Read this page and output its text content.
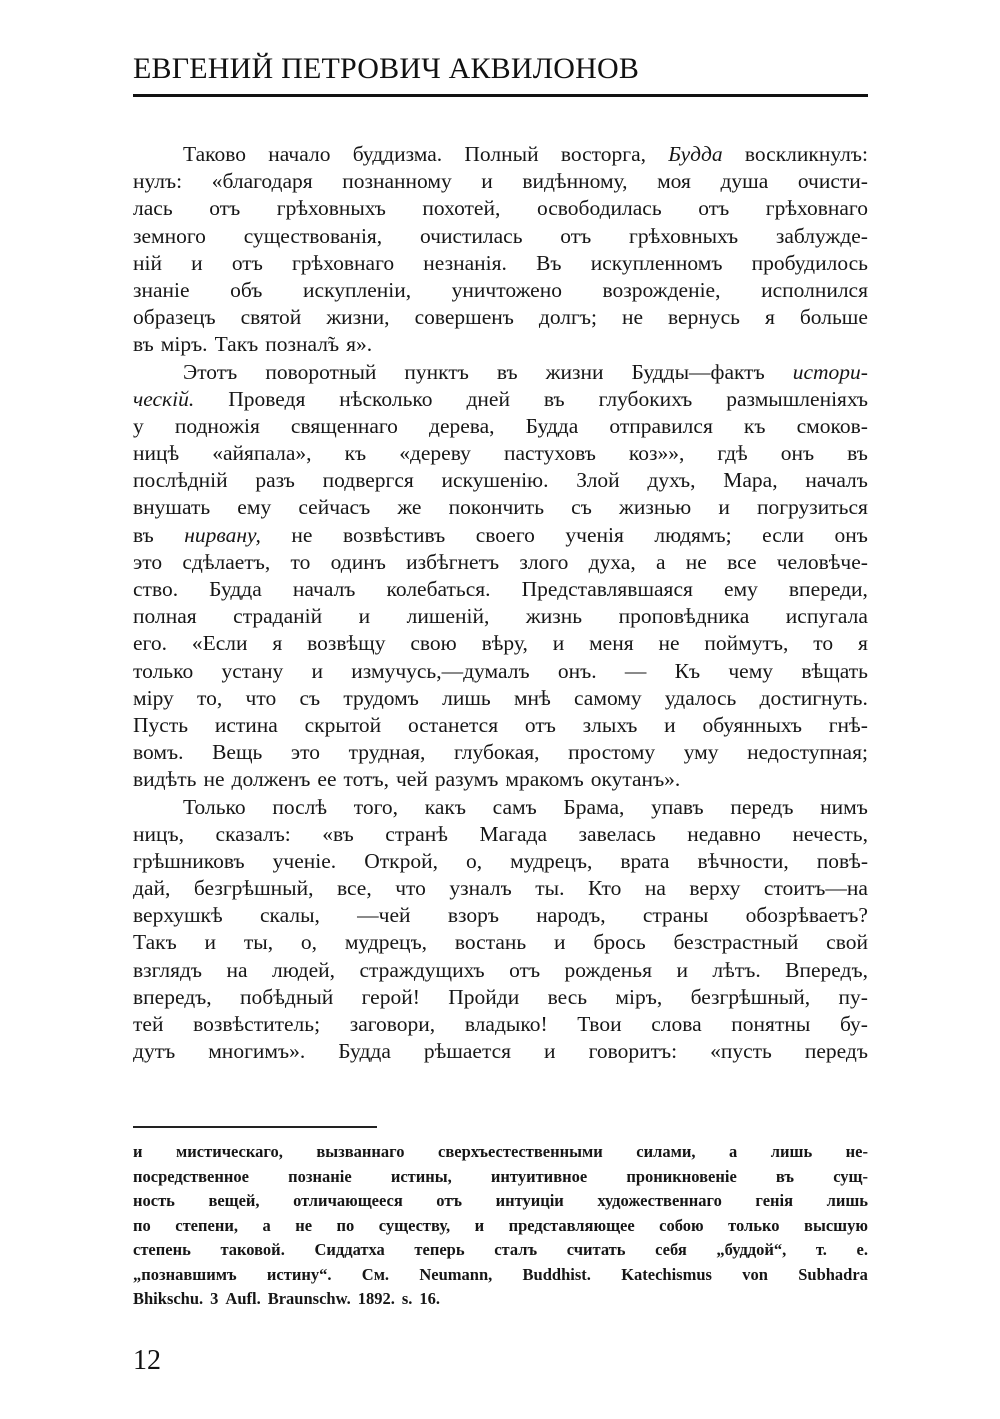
ЕВГЕНИЙ ПЕТРОВИЧ АКВИЛОНОВ
Таково начало буддизма. Полный восторга, Будда воскликнулъ:
нулъ: «благодаря познанному и видѣнному, моя душа очисти-
лась отъ грѣховныхъ похотей, освободилась отъ грѣховнаго
земного существованія, очистилась отъ грѣховныхъ заблужде-
ній и отъ грѣховнаго незнанія. Въ искупленномъ пробудилось
знаніе объ искупленіи, уничтожено возрожденіе, исполнился
образецъ святой жизни, совершенъ долгъ; не вернусь я больше
въ міръ. Такъ познал̃ъ я».
Этотъ поворотный пунктъ въ жизни Будды—фактъ истори-
ческій. Проведя нѣсколько дней въ глубокихъ размышленіяхъ
у подножія священнаго дерева, Будда отправился къ смоков-
ницѣ «айяпала», къ «дереву пастуховъ коз»», гдѣ онъ въ
послѣдній разъ подвергся искушенію. Злой духъ, Мара, началъ
внушать ему сейчасъ же покончить съ жизнью и погрузиться
въ нирвану, не возвѣстивъ своего ученія людямъ; если онъ
это сдѣлаетъ, то одинъ избѣгнетъ злого духа, а не все человѣче-
ство. Будда началъ колебаться. Представлявшаяся ему впереди,
полная страданій и лишеній, жизнь проповѣдника испугала
его. «Если я возвѣщу свою вѣру, и меня не поймутъ, то я
только устану и измучусь,—думалъ онъ. — Къ чему вѣщать
міру то, что съ трудомъ лишь мнѣ самому удалось достигнуть.
Пусть истина скрытой останется отъ злыхъ и обуянныхъ гнѣ-
вомъ. Вещь это трудная, глубокая, простому уму недоступная;
видѣть не долженъ ее тотъ, чей разумъ мракомъ окутанъ».
Только послѣ того, какъ самъ Брама, упавъ передъ нимъ
ницъ, сказалъ: «въ странѣ Магада завелась недавно нечесть,
грѣшниковъ ученіе. Открой, о, мудрецъ, врата вѣчности, повѣ-
дай, безгрѣшный, все, что узналъ ты. Кто на верху стоитъ—на
верхушкѣ скалы, —чей взоръ народъ, страны обозрѣваетъ?
Такъ и ты, о, мудрецъ, востань и брось безстрастный свой
взглядъ на людей, страждущихъ отъ рожденья и лѣтъ. Впередъ,
впередъ, побѣдный герой! Пройди весь міръ, безгрѣшный, пу-
тей возвѣститель; заговори, владыко! Твои слова понятны бу-
дутъ многимъ». Будда рѣшается и говоритъ: «пусть передъ
и мистическаго, вызваннаго сверхъестественными силами, а лишь не-
посредственное познаніе истины, интуитивное проникновеніе въ сущ-
ность вещей, отличающееся отъ интуиціи художественнаго генія лишь
по степени, а не по существу, и представляющее собою только высшую
степень таковой. Сиддатха теперь сталъ считать себя „буддой“, т. е.
„познавшимъ истину“. См. Neumann, Buddhist. Katechismus von Subhadra
Bhikschu. 3 Aufl. Braunschw. 1892. s. 16.
12
